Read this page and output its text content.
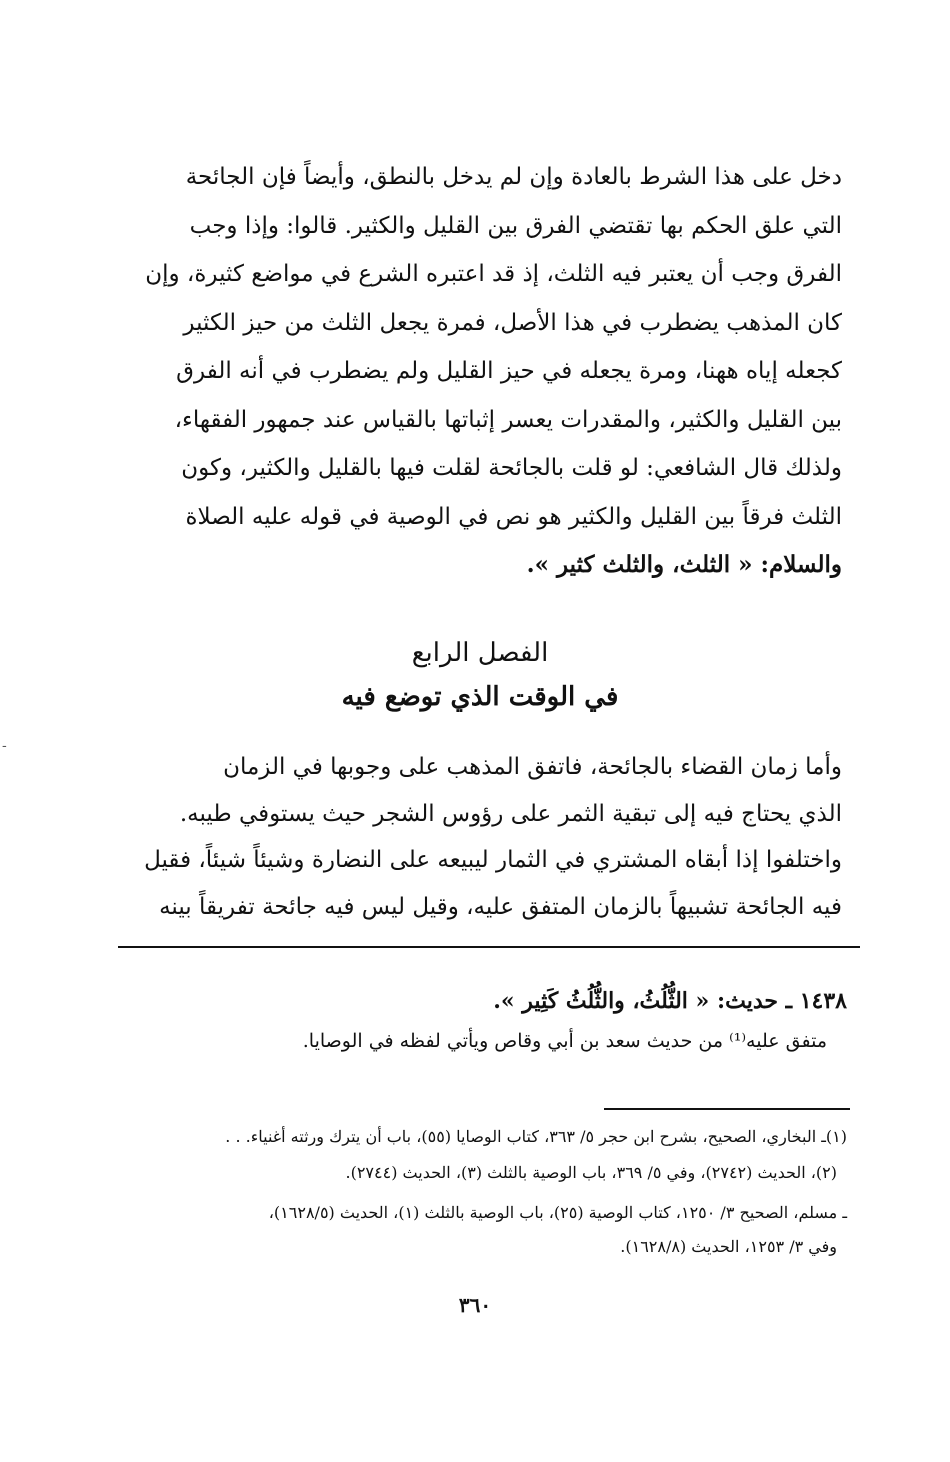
-
دخل على هذا الشرط بالعادة وإن لم يدخل بالنطق، وأيضاً فإن الجائحة
التي علق الحكم بها تقتضي الفرق بين القليل والكثير. قالوا: وإذا وجب
الفرق وجب أن يعتبر فيه الثلث، إذ قد اعتبره الشرع في مواضع كثيرة، وإن
كان المذهب يضطرب في هذا الأصل، فمرة يجعل الثلث من حيز الكثير
كجعله إياه ههنا، ومرة يجعله في حيز القليل ولم يضطرب في أنه الفرق
بين القليل والكثير، والمقدرات يعسر إثباتها بالقياس عند جمهور الفقهاء،
ولذلك قال الشافعي: لو قلت بالجائحة لقلت فيها بالقليل والكثير، وكون
الثلث فرقاً بين القليل والكثير هو نص في الوصية في قوله عليه الصلاة
والسلام: « الثلث، والثلث كثير ».
الفصل الرابع
في الوقت الذي توضع فيه
وأما زمان القضاء بالجائحة، فاتفق المذهب على وجوبها في الزمان
الذي يحتاج فيه إلى تبقية الثمر على رؤوس الشجر حيث يستوفي طيبه.
واختلفوا إذا أبقاه المشتري في الثمار ليبيعه على النضارة وشيئاً شيئاً، فقيل
فيه الجائحة تشبيهاً بالزمان المتفق عليه، وقيل ليس فيه جائحة تفريقاً بينه
١٤٣٨ ـ حديث: « الثُّلُثُ، والثُّلُثُ كَثِير ».
متفق عليه⁽¹⁾ من حديث سعد بن أبي وقاص ويأتي لفظه في الوصايا.
(١)ـ البخاري، الصحيح، بشرح ابن حجر ٥/ ٣٦٣، كتاب الوصايا (٥٥)، باب أن يترك ورثته أغنياء. . .
(٢)، الحديث (٢٧٤٢)، وفي ٥/ ٣٦٩، باب الوصية بالثلث (٣)، الحديث (٢٧٤٤).
ـ مسلم، الصحيح ٣/ ١٢٥٠، كتاب الوصية (٢٥)، باب الوصية بالثلث (١)، الحديث (١٦٢٨/٥)،
وفي ٣/ ١٢٥٣، الحديث (١٦٢٨/٨).
٣٦٠
